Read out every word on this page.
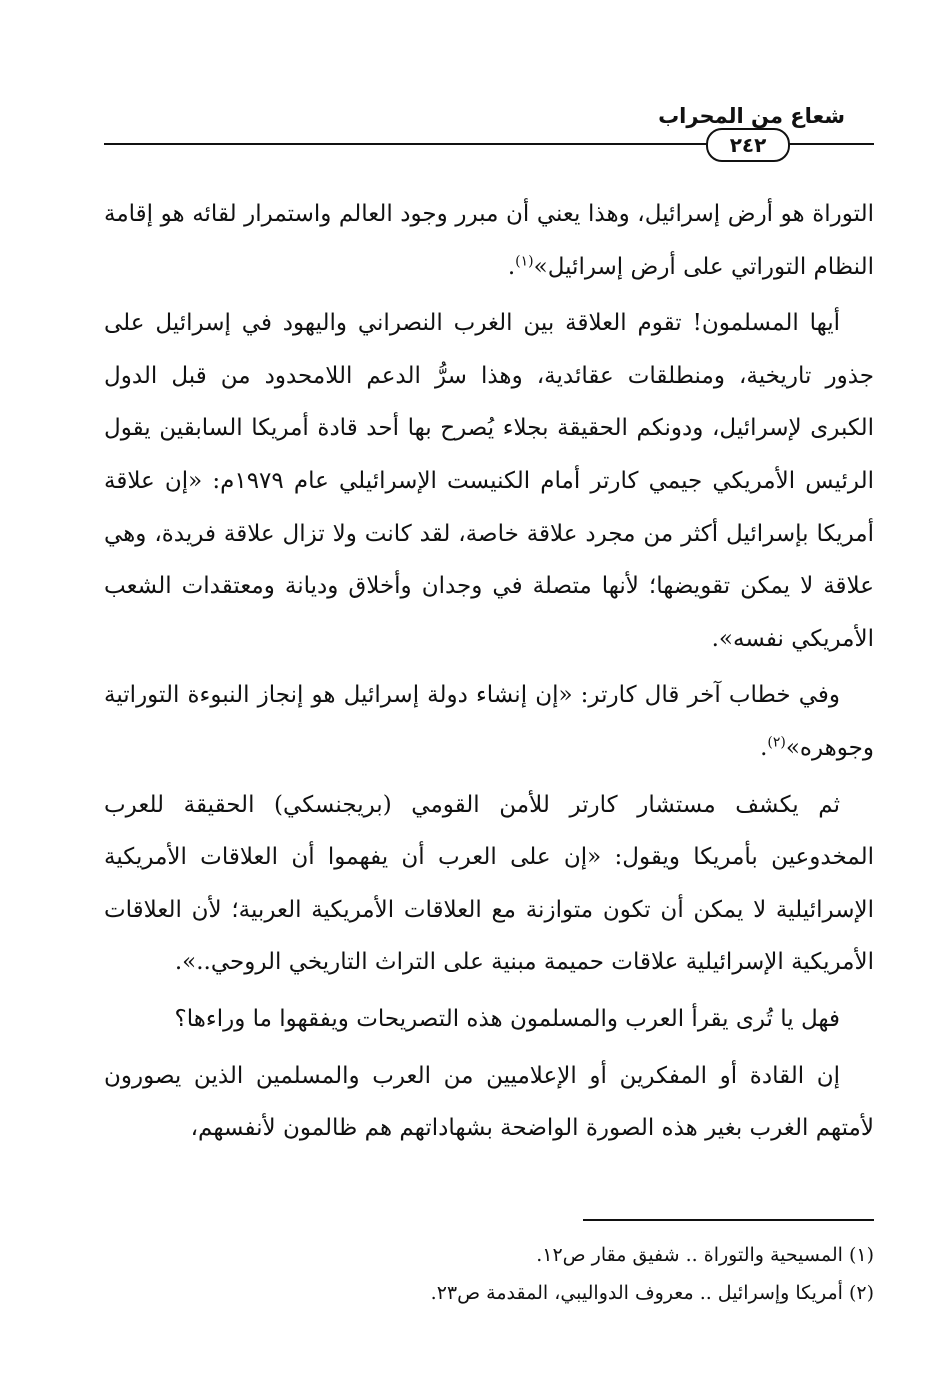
شعاع من المحراب
٢٤٢

التوراة هو أرض إسرائيل، وهذا يعني أن مبرر وجود العالم واستمرار لقائه هو إقامة النظام التوراتي على أرض إسرائيل»$^{(١)}$.

أيها المسلمون! تقوم العلاقة بين الغرب النصراني واليهود في إسرائيل على جذور تاريخية، ومنطلقات عقائدية، وهذا سرُّ الدعم اللامحدود من قبل الدول الكبرى لإسرائيل، ودونكم الحقيقة بجلاء يُصرح بها أحد قادة أمريكا السابقين يقول الرئيس الأمريكي جيمي كارتر أمام الكنيست الإسرائيلي عام ١٩٧٩م: «إن علاقة أمريكا بإسرائيل أكثر من مجرد علاقة خاصة، لقد كانت ولا تزال علاقة فريدة، وهي علاقة لا يمكن تقويضها؛ لأنها متصلة في وجدان وأخلاق وديانة ومعتقدات الشعب الأمريكي نفسه».

وفي خطاب آخر قال كارتر: «إن إنشاء دولة إسرائيل هو إنجاز النبوءة التوراتية وجوهره»$^{(٢)}$.

ثم يكشف مستشار كارتر للأمن القومي (بريجنسكي) الحقيقة للعرب المخدوعين بأمريكا ويقول: «إن على العرب أن يفهموا أن العلاقات الأمريكية الإسرائيلية لا يمكن أن تكون متوازنة مع العلاقات الأمريكية العربية؛ لأن العلاقات الأمريكية الإسرائيلية علاقات حميمة مبنية على التراث التاريخي الروحي..».

فهل يا تُرى يقرأ العرب والمسلمون هذه التصريحات ويفقهوا ما وراءها؟

إن القادة أو المفكرين أو الإعلاميين من العرب والمسلمين الذين يصورون لأمتهم الغرب بغير هذه الصورة الواضحة بشهاداتهم هم ظالمون لأنفسهم،

(١) المسيحية والتوراة .. شفيق مقار ص١٢.
(٢) أمريكا وإسرائيل .. معروف الدواليبي، المقدمة ص٢٣.
